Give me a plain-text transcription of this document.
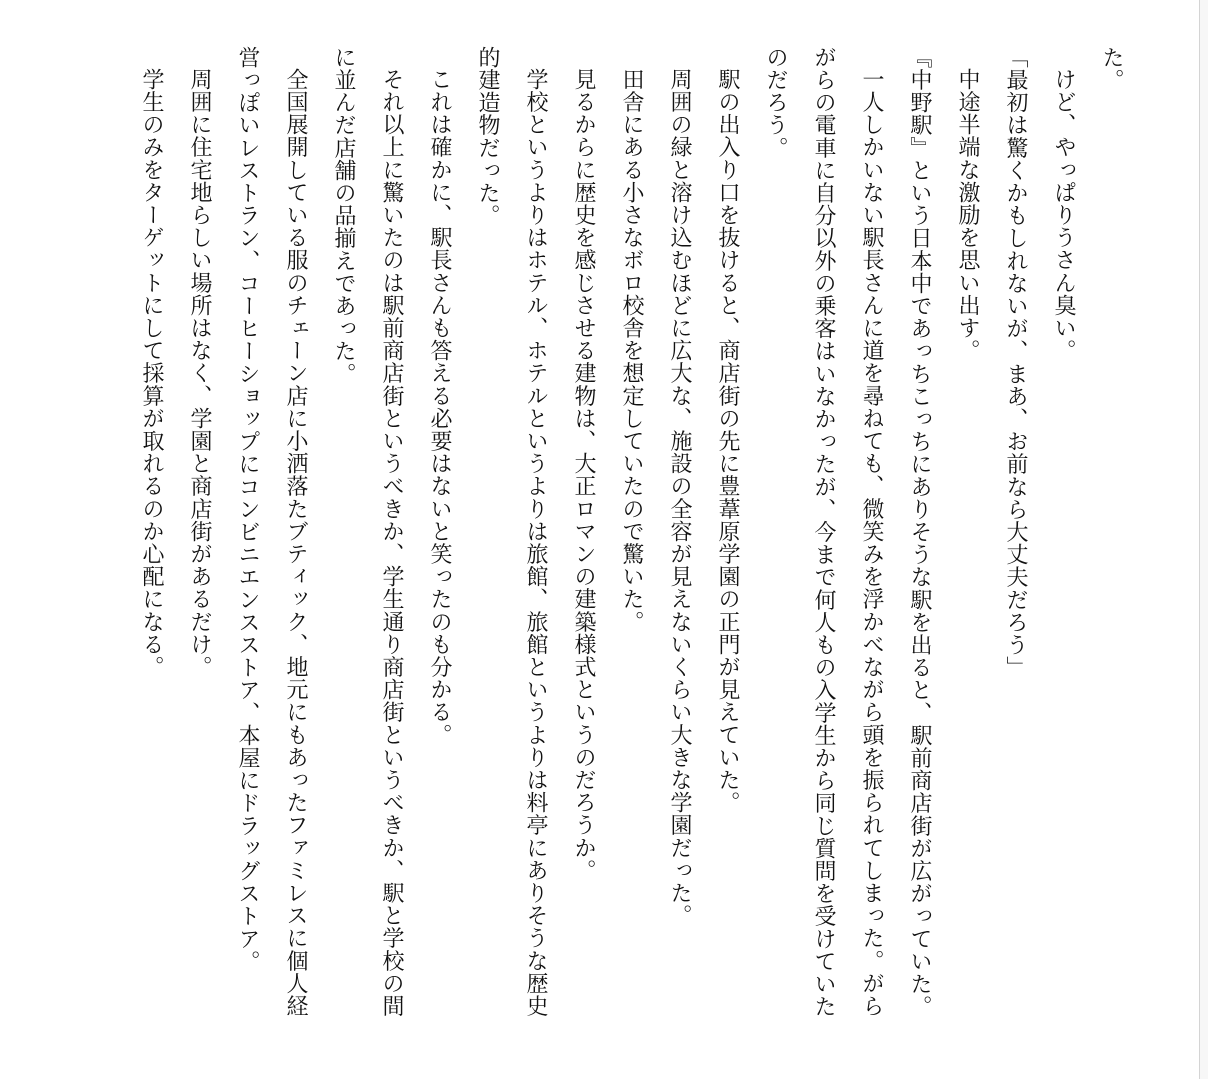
た。

けど、やっぱりうさん臭い。

「最初は驚くかもしれないが、まあ、お前なら大丈夫だろう」

中途半端な激励を思い出す。

『中野駅』という日本中であっちこっちにありそうな駅を出ると、駅前商店街が広がっていた。

一人しかいない駅長さんに道を尋ねても、微笑みを浮かべながら頭を振られてしまった。がらがらの電車に自分以外の乗客はいなかったが、今まで何人もの入学生から同じ質問を受けていたのだろう。

駅の出入り口を抜けると、商店街の先に豊葦原学園の正門が見えていた。

周囲の緑と溶け込むほどに広大な、施設の全容が見えないくらい大きな学園だった。

田舎にある小さなボロ校舎を想定していたので驚いた。

見るからに歴史を感じさせる建物は、大正ロマンの建築様式というのだろうか。

学校というよりはホテル、ホテルというよりは旅館、旅館というよりは料亭にありそうな歴史的建造物だった。

これは確かに、駅長さんも答える必要はないと笑ったのも分かる。

それ以上に驚いたのは駅前商店街というべきか、学生通り商店街というべきか、駅と学校の間に並んだ店舗の品揃えであった。

全国展開している服のチェーン店に小洒落たブティック、地元にもあったファミレスに個人経営っぽいレストラン、コーヒーショップにコンビニエンスストア、本屋にドラッグストア。

周囲に住宅地らしい場所はなく、学園と商店街があるだけ。

学生のみをターゲットにして採算が取れるのか心配になる。
